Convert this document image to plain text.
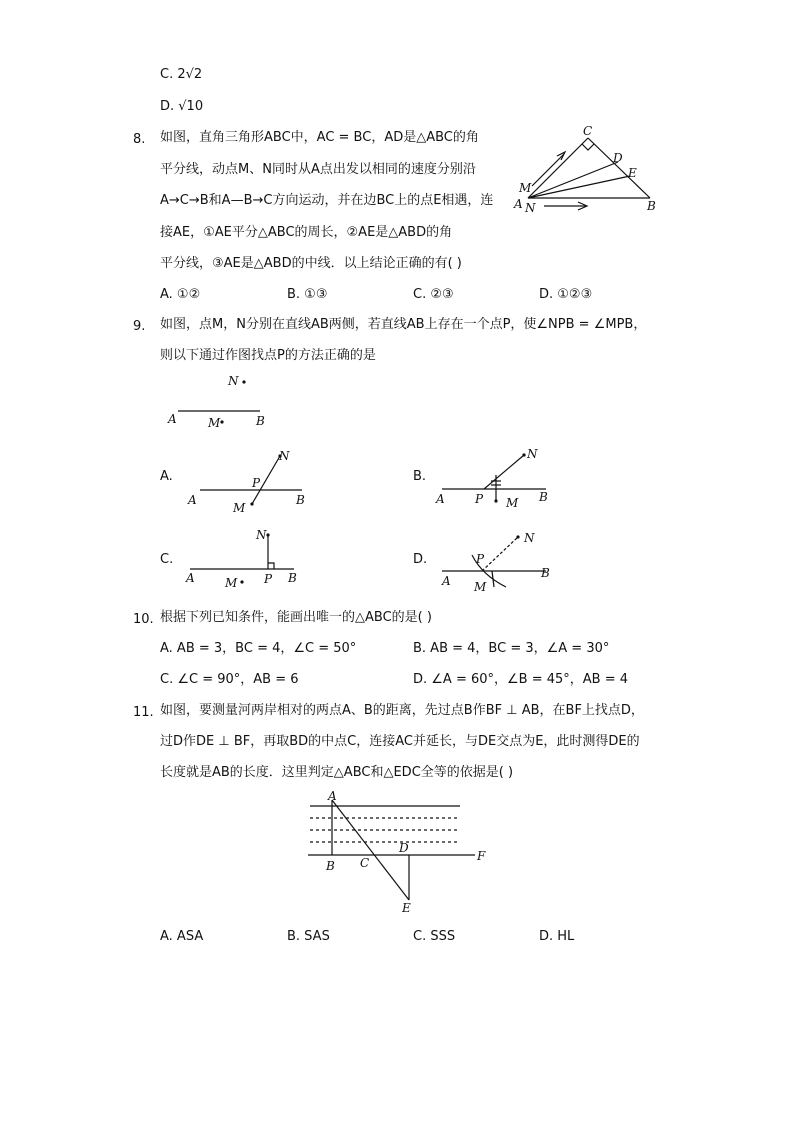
C. 2√2
D. √10
8. 如图，直角三角形ABC中，AC = BC，AD是△ABC的角
平分线，动点M、N同时从A点出发以相同的速度分别沿
A→C→B和A—B→C方向运动，并在边BC上的点E相遇，连
接AE，①AE平分△ABC的周长，②AE是△ABD的角
平分线，③AE是△ABD的中线．以上结论正确的有( )
C
D
E
M
A N	B
A. ①②	B. ①③	C. ②③	D. ①②③
9. 如图，点M，N分别在直线AB两侧，若直线AB上存在一个点P，使∠NPB = ∠MPB，
则以下通过作图找点P的方法正确的是
N
A	M	B
A.
N
P
A
M
B
B.
N
P
A	M B
C.
N
A	M P B
D.
N
P
A M
B
10. 根据下列已知条件，能画出唯一的△ABC的是( )
A. AB = 3，BC = 4，∠C = 50°	B. AB = 4，BC = 3，∠A = 30°
C. ∠C = 90°，AB = 6	D. ∠A = 60°，∠B = 45°，AB = 4
11. 如图，要测量河两岸相对的两点A、B的距离，先过点B作BF ⊥ AB，在BF上找点D，
过D作DE ⊥ BF，再取BD的中点C，连接AC并延长，与DE交点为E，此时测得DE的
长度就是AB的长度．这里判定△ABC和△EDC全等的依据是( )
A
B C
D
E
F
A. ASA	B. SAS	C. SSS	D. HL
